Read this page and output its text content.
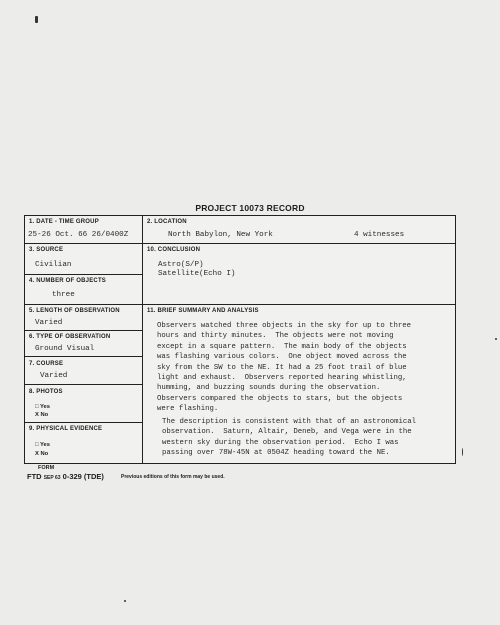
PROJECT 10073 RECORD
1. DATE - TIME GROUP
25-26 Oct. 66 26/0400Z
2. LOCATION
North Babylon, New York	4 witnesses
3. SOURCE
Civilian
4. NUMBER OF OBJECTS
three
10. CONCLUSION
Astro(S/P)
Satellite(Echo I)
5. LENGTH OF OBSERVATION
Varied
6. TYPE OF OBSERVATION
Ground Visual
7. COURSE
Varied
8. PHOTOS
□ Yes
X No
9. PHYSICAL EVIDENCE
□ Yes
X No
11. BRIEF SUMMARY AND ANALYSIS
Observers watched three objects in the sky for up to three
hours and thirty minutes.  The objects were not moving
except in a square pattern.  The main body of the objects
was flashing various colors.  One object moved across the
sky from the SW to the NE. It had a 25 foot trail of blue
light and exhaust.  Observers reported hearing whistling,
humming, and buzzing sounds during the observation.
Observers compared the objects to stars, but the objects
were flashing.
The description is consistent with that of an astronomical
observation.  Saturn, Altair, Deneb, and Vega were in the
western sky during the observation period.  Echo I was
passing over 78W-45N at 0504Z heading toward the NE.
FORM
FTD SEP 63 0-329 (TDE)	Previous editions of this form may be used.
